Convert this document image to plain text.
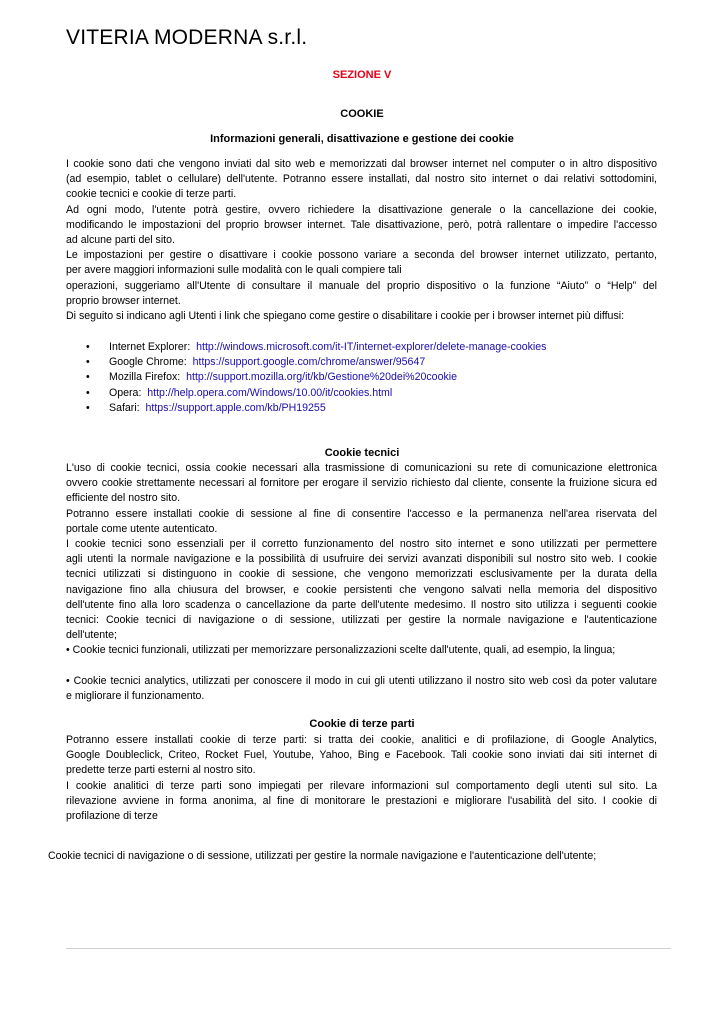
VITERIA MODERNA s.r.l.
SEZIONE V
COOKIE
Informazioni generali, disattivazione e gestione dei cookie
I cookie sono dati che vengono inviati dal sito web e memorizzati dal browser internet nel computer o in altro dispositivo
(ad esempio, tablet o cellulare) dell'utente. Potranno essere installati, dal nostro sito internet o dai relativi sottodomini,
cookie tecnici e cookie di terze parti.
Ad ogni modo, l'utente potrà gestire, ovvero richiedere la disattivazione generale o la cancellazione dei cookie,
modificando le impostazioni del proprio browser internet. Tale disattivazione, però, potrà rallentare o impedire l'accesso
ad alcune parti del sito.
Le impostazioni per gestire o disattivare i cookie possono variare a seconda del browser internet utilizzato, pertanto,
per avere maggiori informazioni sulle modalità con le quali compiere tali
operazioni, suggeriamo all'Utente di consultare il manuale del proprio dispositivo o la funzione “Aiuto” o “Help” del
proprio browser internet.
Di seguito si indicano agli Utenti i link che spiegano come gestire o disabilitare i cookie per i browser internet più diffusi:
• Internet Explorer: http://windows.microsoft.com/it-IT/internet-explorer/delete-manage-cookies
• Google Chrome: https://support.google.com/chrome/answer/95647
• Mozilla Firefox: http://support.mozilla.org/it/kb/Gestione%20dei%20cookie
• Opera: http://help.opera.com/Windows/10.00/it/cookies.html
• Safari: https://support.apple.com/kb/PH19255
Cookie tecnici
L'uso di cookie tecnici, ossia cookie necessari alla trasmissione di comunicazioni su rete di comunicazione elettronica
ovvero cookie strettamente necessari al fornitore per erogare il servizio richiesto dal cliente, consente la fruizione sicura ed
efficiente del nostro sito.
Potranno essere installati cookie di sessione al fine di consentire l'accesso e la permanenza nell'area riservata del
portale come utente autenticato.
I cookie tecnici sono essenziali per il corretto funzionamento del nostro sito internet e sono utilizzati per permettere
agli utenti la normale navigazione e la possibilità di usufruire dei servizi avanzati disponibili sul nostro sito web. I cookie
tecnici utilizzati si distinguono in cookie di sessione, che vengono memorizzati esclusivamente per la durata della
navigazione fino alla chiusura del browser, e cookie persistenti che vengono salvati nella memoria del dispositivo
dell'utente fino alla loro scadenza o cancellazione da parte dell'utente medesimo. Il nostro sito utilizza i seguenti cookie
tecnici: Cookie tecnici di navigazione o di sessione, utilizzati per gestire la normale navigazione e l'autenticazione
dell'utente;
• Cookie tecnici funzionali, utilizzati per memorizzare personalizzazioni scelte dall'utente, quali, ad esempio, la lingua;
• Cookie tecnici analytics, utilizzati per conoscere il modo in cui gli utenti utilizzano il nostro sito web così da poter valutare
e migliorare il funzionamento.
Cookie di terze parti
Potranno essere installati cookie di terze parti: si tratta dei cookie, analitici e di profilazione, di Google Analytics,
Google Doubleclick, Criteo, Rocket Fuel, Youtube, Yahoo, Bing e Facebook. Tali cookie sono inviati dai siti internet di
predette terze parti esterni al nostro sito.
I cookie analitici di terze parti sono impiegati per rilevare informazioni sul comportamento degli utenti sul sito. La
rilevazione avviene in forma anonima, al fine di monitorare le prestazioni e migliorare l'usabilità del sito. I cookie di
profilazione di terze
Cookie tecnici di navigazione o di sessione, utilizzati per gestire la normale navigazione e l'autenticazione dell'utente;
